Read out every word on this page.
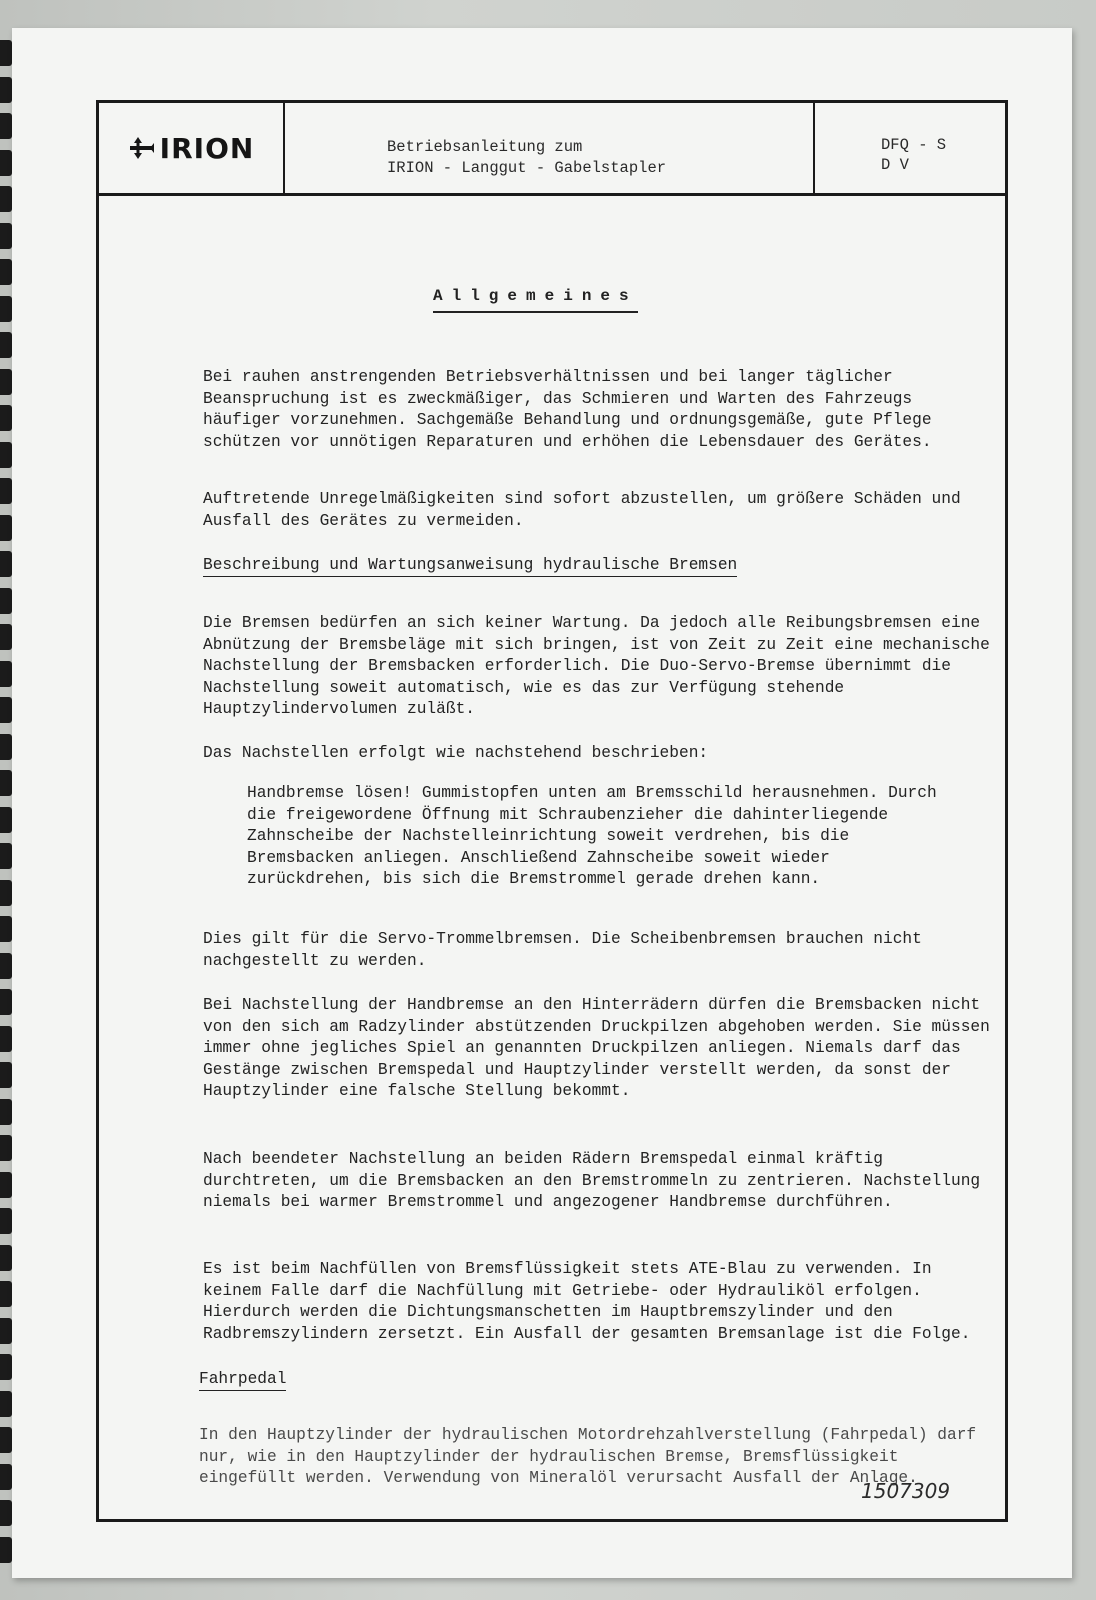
IRION	Betriebsanleitung zum
IRION - Langgut - Gabelstapler
DFQ - S
D V
Allgemeines

Bei rauhen anstrengenden Betriebsverhältnissen und bei langer täglicher Beanspruchung ist es zweckmäßiger, das Schmieren und Warten des Fahrzeugs häufiger vorzunehmen. Sachgemäße Behandlung und ordnungsgemäße, gute Pflege schützen vor unnötigen Reparaturen und erhöhen die Lebensdauer des Gerätes.

Auftretende Unregelmäßigkeiten sind sofort abzustellen, um größere Schäden und Ausfall des Gerätes zu vermeiden.

Beschreibung und Wartungsanweisung hydraulische Bremsen

Die Bremsen bedürfen an sich keiner Wartung. Da jedoch alle Reibungsbremsen eine Abnützung der Bremsbeläge mit sich bringen, ist von Zeit zu Zeit eine mechanische Nachstellung der Bremsbacken erforderlich. Die Duo-Servo-Bremse übernimmt die Nachstellung soweit automatisch, wie es das zur Verfügung stehende Hauptzylindervolumen zuläßt.

Das Nachstellen erfolgt wie nachstehend beschrieben:

Handbremse lösen! Gummistopfen unten am Bremsschild herausnehmen. Durch die freigewordene Öffnung mit Schraubenzieher die dahinterliegende Zahnscheibe der Nachstelleinrichtung soweit verdrehen, bis die Bremsbacken anliegen. Anschließend Zahnscheibe soweit wieder zurückdrehen, bis sich die Bremstrommel gerade drehen kann.

Dies gilt für die Servo-Trommelbremsen. Die Scheibenbremsen brauchen nicht nachgestellt zu werden.

Bei Nachstellung der Handbremse an den Hinterrädern dürfen die Bremsbacken nicht von den sich am Radzylinder abstützenden Druckpilzen abgehoben werden. Sie müssen immer ohne jegliches Spiel an genannten Druckpilzen anliegen. Niemals darf das Gestänge zwischen Bremspedal und Hauptzylinder verstellt werden, da sonst der Hauptzylinder eine falsche Stellung bekommt.

Nach beendeter Nachstellung an beiden Rädern Bremspedal einmal kräftig durchtreten, um die Bremsbacken an den Bremstrommeln zu zentrieren. Nachstellung niemals bei warmer Bremstrommel und angezogener Handbremse durchführen.

Es ist beim Nachfüllen von Bremsflüssigkeit stets ATE-Blau zu verwenden. In keinem Falle darf die Nachfüllung mit Getriebe- oder Hydrauliköl erfolgen. Hierdurch werden die Dichtungsmanschetten im Hauptbremszylinder und den Radbremszylindern zersetzt. Ein Ausfall der gesamten Bremsanlage ist die Folge.

Fahrpedal

In den Hauptzylinder der hydraulischen Motordrehzahlverstellung (Fahrpedal) darf nur, wie in den Hauptzylinder der hydraulischen Bremse, Bremsflüssigkeit eingefüllt werden. Verwendung von Mineralöl verursacht Ausfall der Anlage.

1507309
